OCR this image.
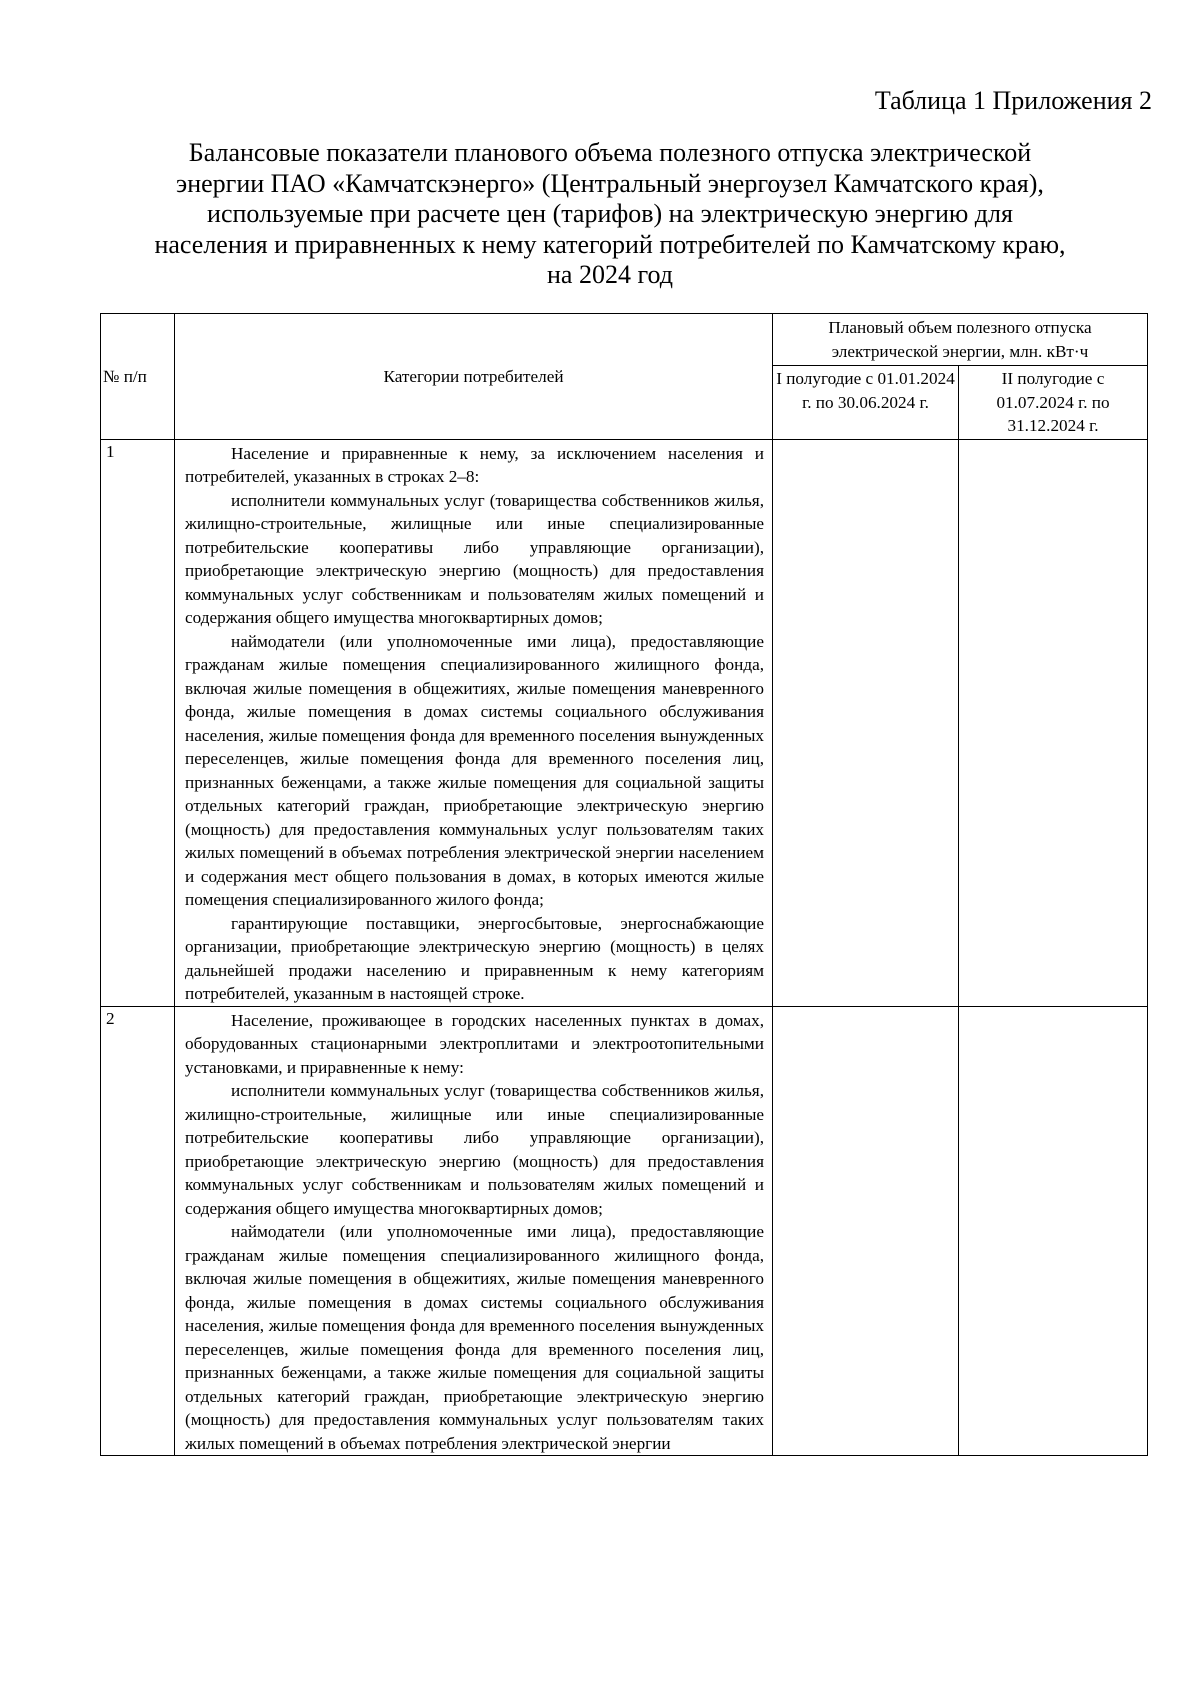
Таблица 1 Приложения 2
Балансовые показатели планового объема полезного отпуска электрической
энергии ПАО «Камчатскэнерго» (Центральный энергоузел Камчатского края),
используемые при расчете цен (тарифов) на электрическую энергию для
населения и приравненных к нему категорий потребителей по Камчатскому краю,
на 2024 год
№ п/п	Категории потребителей	Плановый объем полезного отпуска электрической энергии, млн. кВт·ч	
		I полугодие с 01.01.2024 г. по 30.06.2024 г.	II полугодие с 01.07.2024 г. по 31.12.2024 г.
1	Население и приравненные к нему, за исключением населения и потребителей, указанных в строках 2–8:
исполнители коммунальных услуг (товарищества собственников жилья, жилищно-строительные, жилищные или иные специализированные потребительские кооперативы либо управляющие организации), приобретающие электрическую энергию (мощность) для предоставления коммунальных услуг собственникам и пользователям жилых помещений и содержания общего имущества многоквартирных домов;
наймодатели (или уполномоченные ими лица), предоставляющие гражданам жилые помещения специализированного жилищного фонда, включая жилые помещения в общежитиях, жилые помещения маневренного фонда, жилые помещения в домах системы социального обслуживания населения, жилые помещения фонда для временного поселения вынужденных переселенцев, жилые помещения фонда для временного поселения лиц, признанных беженцами, а также жилые помещения для социальной защиты отдельных категорий граждан, приобретающие электрическую энергию (мощность) для предоставления коммунальных услуг пользователям таких жилых помещений в объемах потребления электрической энергии населением и содержания мест общего пользования в домах, в которых имеются жилые помещения специализированного жилого фонда;
гарантирующие поставщики, энергосбытовые, энергоснабжающие организации, приобретающие электрическую энергию (мощность) в целях дальнейшей продажи населению и приравненным к нему категориям потребителей, указанным в настоящей строке.		

2	Население, проживающее в городских населенных пунктах в домах, оборудованных стационарными электроплитами и электроотопительными установками, и приравненные к нему:
исполнители коммунальных услуг (товарищества собственников жилья, жилищно-строительные, жилищные или иные специализированные потребительские кооперативы либо управляющие организации), приобретающие электрическую энергию (мощность) для предоставления коммунальных услуг собственникам и пользователям жилых помещений и содержания общего имущества многоквартирных домов;
наймодатели (или уполномоченные ими лица), предоставляющие гражданам жилые помещения специализированного жилищного фонда, включая жилые помещения в общежитиях, жилые помещения маневренного фонда, жилые помещения в домах системы социального обслуживания населения, жилые помещения фонда для временного поселения вынужденных переселенцев, жилые помещения фонда для временного поселения лиц, признанных беженцами, а также жилые помещения для социальной защиты отдельных категорий граждан, приобретающие электрическую энергию (мощность) для предоставления коммунальных услуг пользователям таких жилых помещений в объемах потребления электрической энергии		
